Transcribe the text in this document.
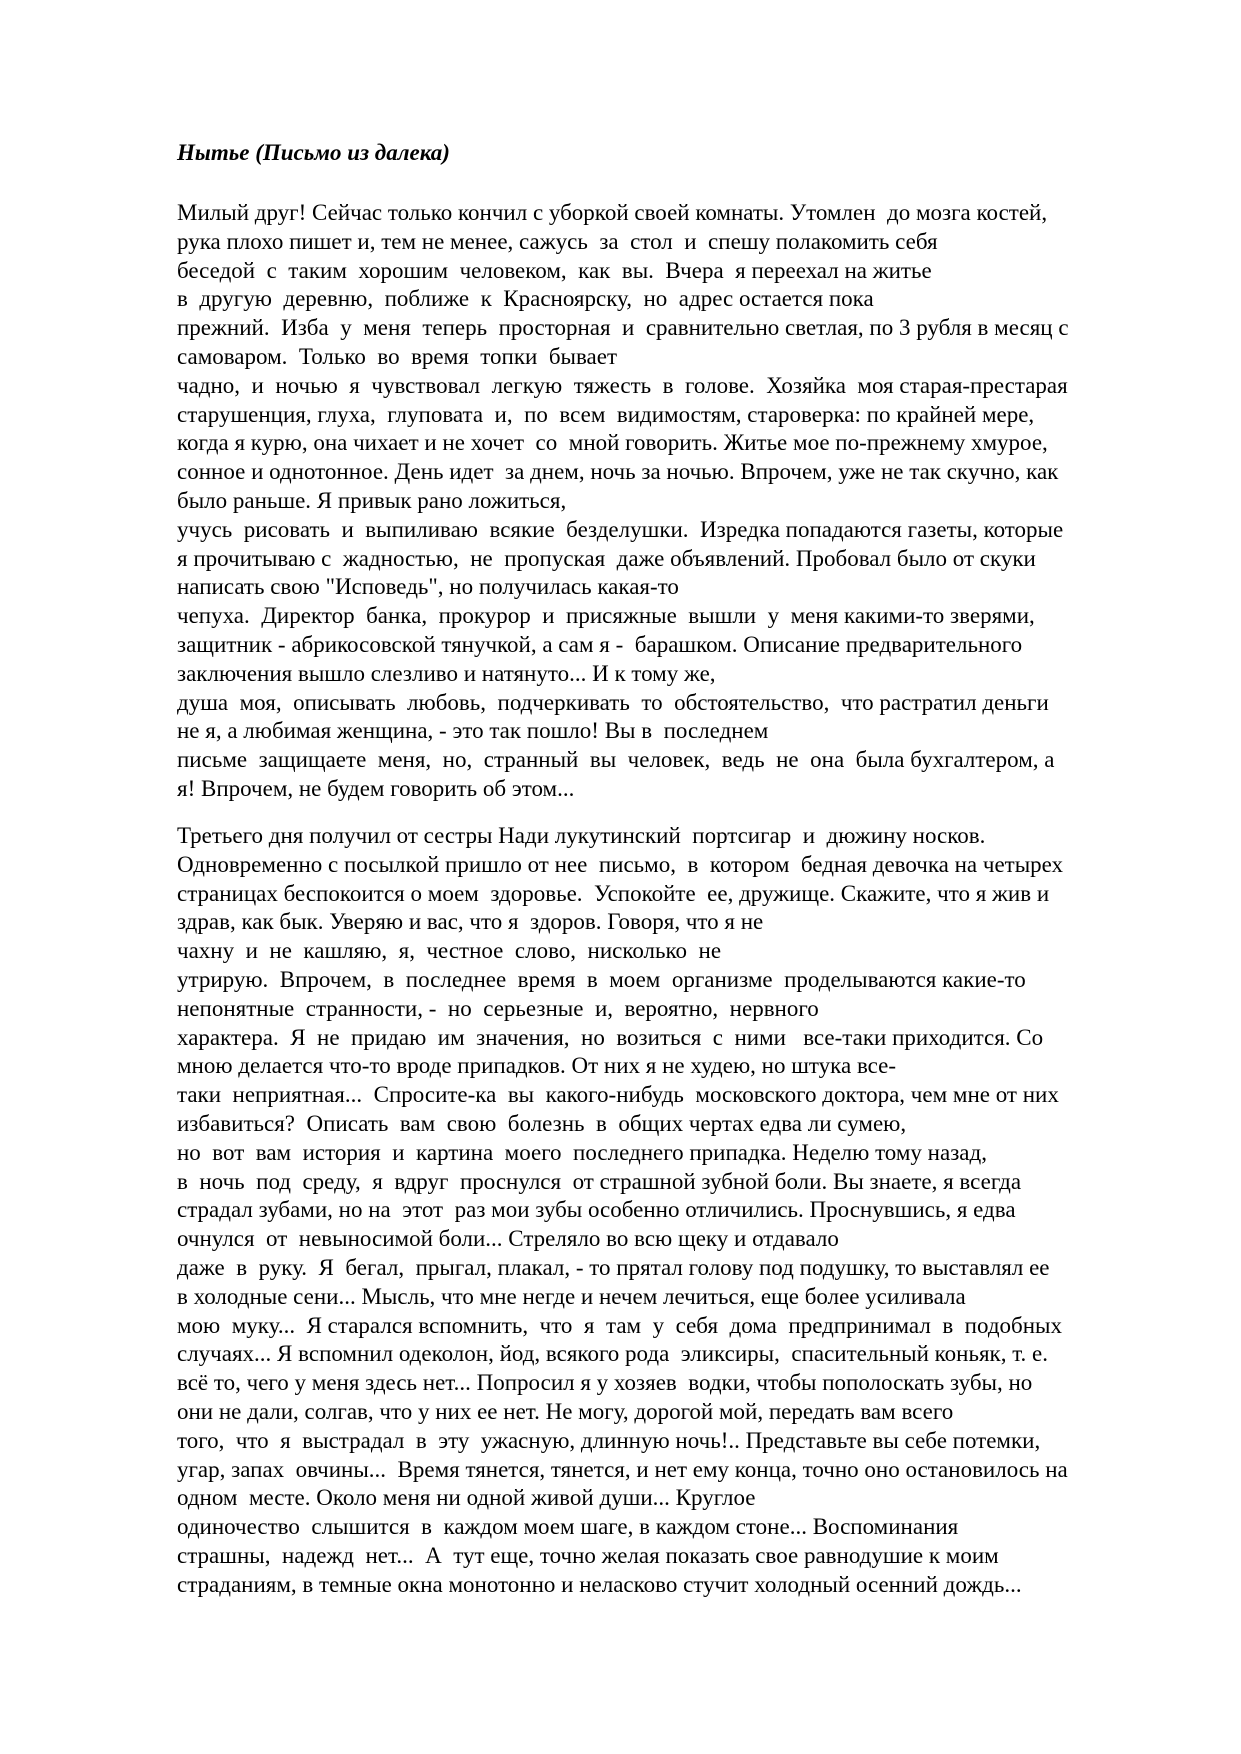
Нытье (Письмо из далека)
Милый друг! Сейчас только кончил с уборкой своей комнаты. Утомлен  до мозга костей,
рука плохо пишет и, тем не менее, сажусь  за  стол  и  спешу полакомить себя
беседой  с  таким  хорошим  человеком,  как  вы.  Вчера  я переехал на житье
в  другую  деревню,  поближе  к  Красноярску,  но  адрес остается пока
прежний.  Изба  у  меня  теперь  просторная  и  сравнительно светлая, по 3 рубля в месяц с
самоваром.  Только  во  время  топки  бывает
чадно,  и  ночью  я  чувствовал  легкую  тяжесть  в  голове.  Хозяйка  моя старая-престарая
старушенция, глуха,  глуповата  и,  по  всем  видимостям, староверка: по крайней мере,
когда я курю, она чихает и не хочет  со  мной говорить. Житье мое по-прежнему хмурое,
сонное и однотонное. День идет  за днем, ночь за ночью. Впрочем, уже не так скучно, как
было раньше. Я привык рано ложиться,
учусь  рисовать  и  выпиливаю  всякие  безделушки.  Изредка попадаются газеты, которые
я прочитываю с  жадностью,  не  пропуская  даже объявлений. Пробовал было от скуки
написать свою "Исповедь", но получилась какая-то
чепуха.  Директор  банка,  прокурор  и  присяжные  вышли  у  меня какими-то зверями,
защитник - абрикосовской тянучкой, а сам я -  барашком. Описание предварительного
заключения вышло слезливо и натянуто... И к тому же,
душа  моя,  описывать  любовь,  подчеркивать  то  обстоятельство,  что растратил деньги
не я, а любимая женщина, - это так пошло! Вы в  последнем
письме  защищаете  меня,  но,  странный  вы  человек,  ведь  не  она  была бухгалтером, а
я! Впрочем, не будем говорить об этом...
Третьего дня получил от сестры Нади лукутинский  портсигар  и  дюжину носков.
Одновременно с посылкой пришло от нее  письмо,  в  котором  бедная девочка на четырех
страницах беспокоится о моем  здоровье.  Успокойте  ее, дружище. Скажите, что я жив и
здрав, как бык. Уверяю и вас, что я  здоров. Говоря, что я не
чахну  и  не  кашляю,  я,  честное  слово,  нисколько  не
утрирую.  Впрочем,  в  последнее  время  в  моем  организме  проделываются какие-то
непонятные  странности, -  но  серьезные  и,  вероятно,  нервного
характера.  Я  не  придаю  им  значения,  но  возиться  с  ними   все-таки приходится. Со
мною делается что-то вроде припадков. От них я не худею, но штука все-
таки  неприятная...  Спросите-ка  вы  какого-нибудь  московского доктора, чем мне от них
избавиться?  Описать  вам  свою  болезнь  в  общих чертах едва ли сумею,
но  вот  вам  история  и  картина  моего  последнего припадка. Неделю тому назад,
в  ночь  под  среду,  я  вдруг  проснулся  от страшной зубной боли. Вы знаете, я всегда
страдал зубами, но на  этот  раз мои зубы особенно отличились. Проснувшись, я едва
очнулся  от  невыносимой боли... Стреляло во всю щеку и отдавало
даже  в  руку.  Я  бегал,  прыгал, плакал, - то прятал голову под подушку, то выставлял ее
в холодные сени... Мысль, что мне негде и нечем лечиться, еще более усиливала
мою  муку...  Я старался вспомнить,  что  я  там  у  себя  дома  предпринимал  в  подобных
случаях... Я вспомнил одеколон, йод, всякого рода  эликсиры,  спасительный коньяк, т. е.
всё то, чего у меня здесь нет... Попросил я у хозяев  водки, чтобы пополоскать зубы, но
они не дали, солгав, что у них ее нет. Не могу, дорогой мой, передать вам всего
того,  что  я  выстрадал  в  эту  ужасную, длинную ночь!.. Представьте вы себе потемки,
угар, запах  овчины...  Время тянется, тянется, и нет ему конца, точно оно остановилось на
одном  месте. Около меня ни одной живой души... Круглое
одиночество  слышится  в  каждом моем шаге, в каждом стоне... Воспоминания
страшны,  надежд  нет...  А  тут еще, точно желая показать свое равнодушие к моим
страданиям, в темные окна монотонно и неласково стучит холодный осенний дождь...
